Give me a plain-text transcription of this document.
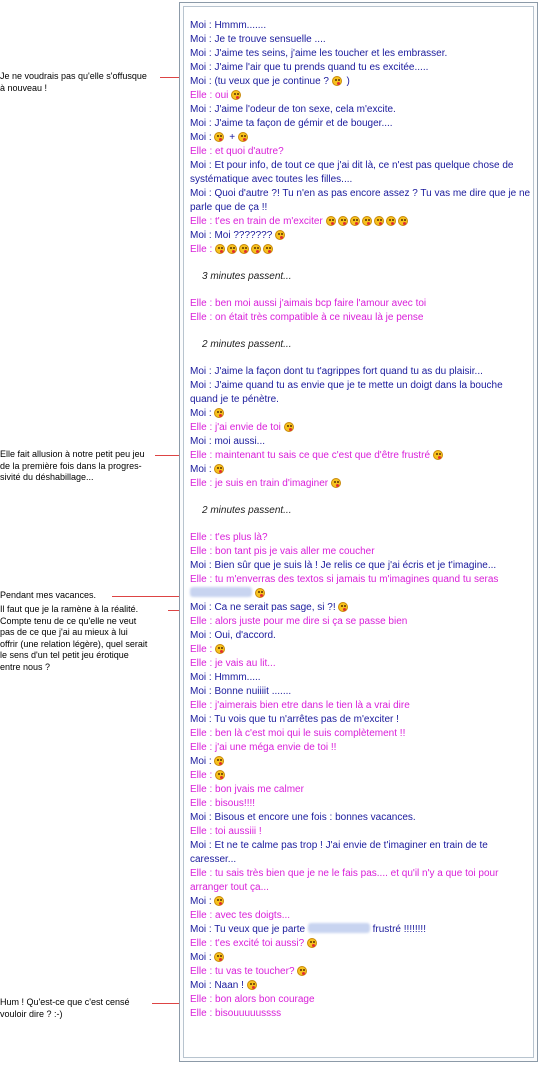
Je ne voudrais pas qu'elle s'offusque
à nouveau !
Elle fait allusion à notre petit peu jeu
de la première fois dans la progres-
sivité du déshabillage...
Pendant mes vacances.
Il faut que je la ramène à la réalité.
Compte tenu de ce qu'elle ne veut
pas de ce que j'ai au mieux à lui
offrir (une relation légère), quel serait
le sens d'un tel petit jeu érotique
entre nous ?
Hum ! Qu'est-ce que c'est censé
vouloir dire ? :-)
Moi : Hmmm.......
Moi : Je te trouve sensuelle ....
Moi : J'aime tes seins, j'aime les toucher et les embrasser.
Moi : J'aime l'air que tu prends quand tu es excitée.....
Moi : (tu veux que je continue ?  )
Elle : oui
Moi : J'aime l'odeur de ton sexe, cela m'excite.
Moi : J'aime ta façon de gémir et de bouger....
Moi :  +
Elle : et quoi d'autre?
Moi : Et pour info, de tout ce que j'ai dit là, ce n'est pas quelque chose de systématique avec toutes les filles....
Moi : Quoi d'autre ?! Tu n'en as pas encore assez ? Tu vas me dire que je ne parle que de ça !!
Elle : t'es en train de m'exciter
Moi : Moi ???????
Elle :
3 minutes passent...
Elle : ben moi aussi j'aimais bcp faire l'amour avec toi
Elle : on était très compatible à ce niveau là je pense
2 minutes passent...
Moi : J'aime la façon dont tu t'agrippes fort quand tu as du plaisir...
Moi : J'aime quand tu as envie que je te mette un doigt dans la bouche quand je te pénètre.
Moi :
Elle : j'ai envie de toi
Moi : moi aussi...
Elle : maintenant tu sais ce que c'est que d'être frustré
Moi :
Elle : je suis en train d'imaginer
2 minutes passent...
Elle : t'es plus là?
Elle : bon tant pis je vais aller me coucher
Moi : Bien sûr que je suis là ! Je relis ce que j'ai écris et je t'imagine...
Elle : tu m'enverras des textos si jamais tu m'imagines quand tu seras
Moi : Ca ne serait pas sage, si ?!
Elle : alors juste pour me dire si ça se passe bien
Moi : Oui, d'accord.
Elle :
Elle : je vais au lit...
Moi : Hmmm.....
Moi : Bonne nuiiiit .......
Elle : j'aimerais bien etre dans le tien là a vrai dire
Moi : Tu vois que tu n'arrêtes pas de m'exciter !
Elle : ben là c'est moi qui le suis complètement !!
Elle : j'ai une méga envie de toi !!
Moi :
Elle :
Elle : bon jvais me calmer
Elle : bisous!!!!
Moi : Bisous et encore une fois : bonnes vacances.
Elle : toi aussiii !
Moi : Et ne te calme pas trop ! J'ai envie de t'imaginer en train de te caresser...
Elle : tu sais très bien que je ne le fais pas.... et qu'il n'y a que toi pour arranger tout ça...
Moi :
Elle : avec tes doigts...
Moi : Tu veux que je parte	frustré !!!!!!!!
Elle : t'es excité toi aussi?
Moi :
Elle : tu vas te toucher?
Moi : Naan !
Elle : bon alors bon courage
Elle : bisouuuuussss
